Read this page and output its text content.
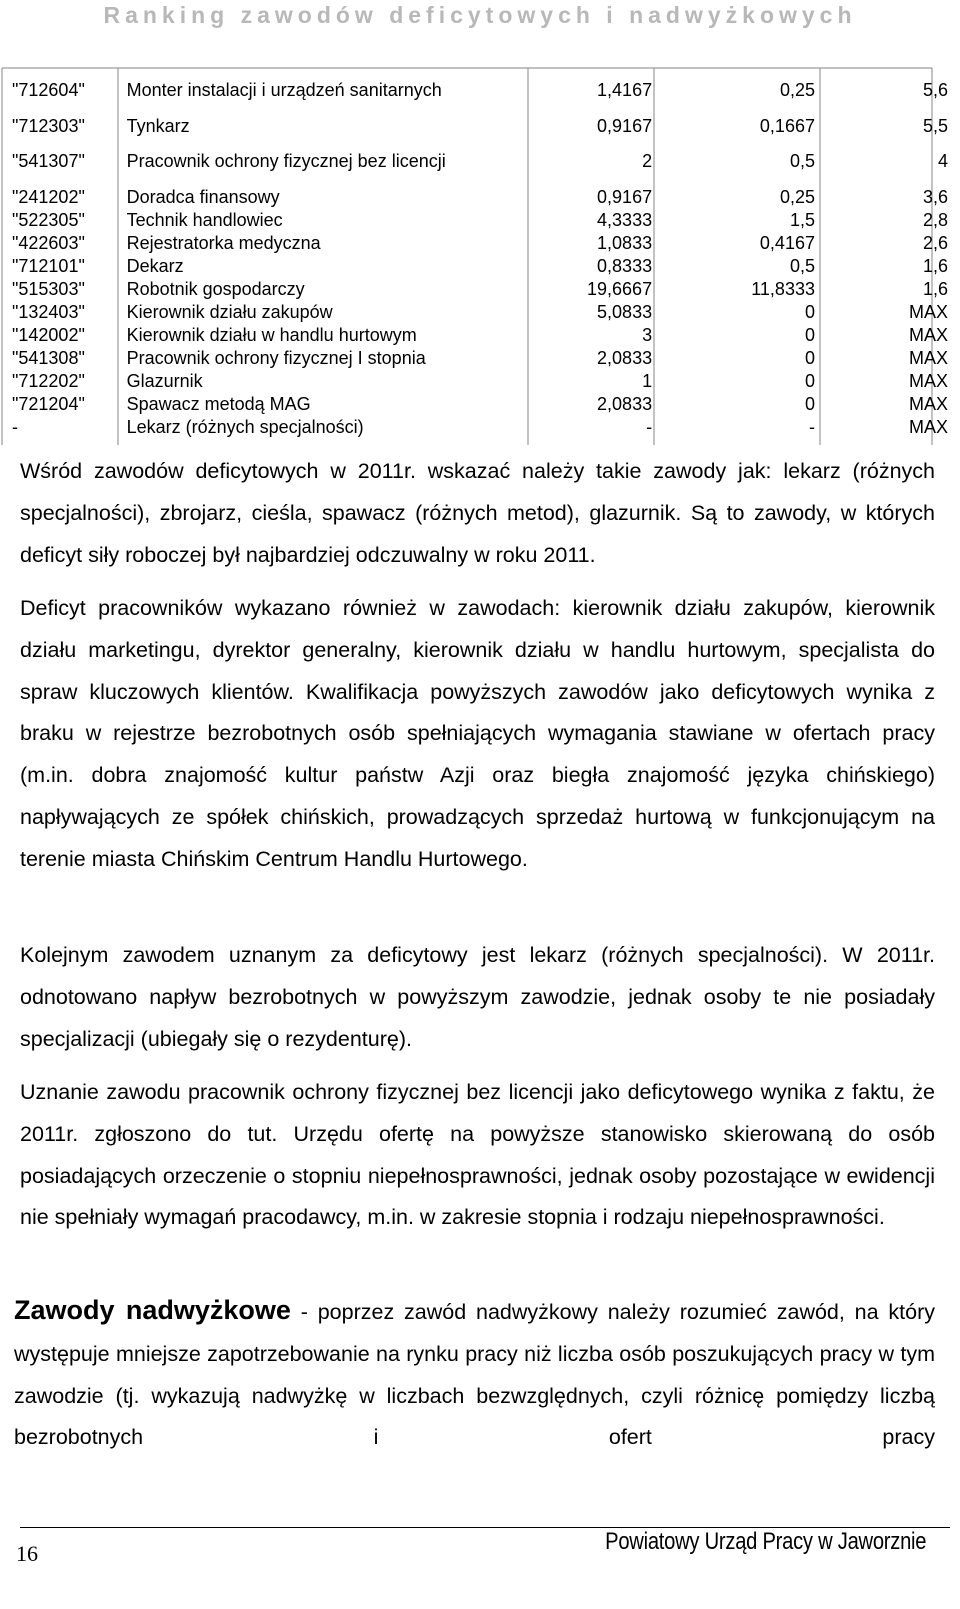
Ranking zawodów deficytowych i nadwyżkowych
"712604"	Monter instalacji i urządzeń sanitarnych	1,4167	0,25	5,6
"712303"	Tynkarz	0,9167	0,1667	5,5
"541307"	Pracownik ochrony fizycznej bez licencji	2	0,5	4
"241202"	Doradca finansowy	0,9167	0,25	3,6
"522305"	Technik handlowiec	4,3333	1,5	2,8
"422603"	Rejestratorka medyczna	1,0833	0,4167	2,6
"712101"	Dekarz	0,8333	0,5	1,6
"515303"	Robotnik gospodarczy	19,6667	11,8333	1,6
"132403"	Kierownik działu zakupów	5,0833	0	MAX
"142002"	Kierownik działu w handlu hurtowym	3	0	MAX
"541308"	Pracownik ochrony fizycznej I stopnia	2,0833	0	MAX
"712202"	Glazurnik	1	0	MAX
"721204"	Spawacz metodą MAG	2,0833	0	MAX
-	Lekarz (różnych specjalności)	-	-	MAX

Wśród zawodów deficytowych w 2011r. wskazać należy takie zawody jak: lekarz (różnych specjalności), zbrojarz, cieśla, spawacz (różnych metod), glazurnik. Są to zawody, w których deficyt siły roboczej był najbardziej odczuwalny w roku 2011.

Deficyt pracowników wykazano również w zawodach: kierownik działu zakupów, kierownik działu marketingu, dyrektor generalny, kierownik działu w handlu hurtowym, specjalista do spraw kluczowych klientów. Kwalifikacja powyższych zawodów jako deficytowych wynika z braku w rejestrze bezrobotnych osób spełniających wymagania stawiane w ofertach pracy (m.in. dobra znajomość kultur państw Azji oraz biegła znajomość języka chińskiego) napływających ze spółek chińskich, prowadzących sprzedaż hurtową w funkcjonującym na terenie miasta Chińskim Centrum Handlu Hurtowego.

Kolejnym zawodem uznanym za deficytowy jest lekarz (różnych specjalności). W 2011r. odnotowano napływ bezrobotnych w powyższym zawodzie, jednak osoby te nie posiadały specjalizacji (ubiegały się o rezydenturę).

Uznanie zawodu pracownik ochrony fizycznej bez licencji jako deficytowego wynika z faktu, że 2011r. zgłoszono do tut. Urzędu ofertę na powyższe stanowisko skierowaną do osób posiadających orzeczenie o stopniu niepełnosprawności, jednak osoby pozostające w ewidencji nie spełniały wymagań pracodawcy, m.in. w zakresie stopnia i rodzaju niepełnosprawności.

Zawody nadwyżkowe - poprzez zawód nadwyżkowy należy rozumieć zawód, na który występuje mniejsze zapotrzebowanie na rynku pracy niż liczba osób poszukujących pracy w tym zawodzie (tj. wykazują nadwyżkę w liczbach bezwzględnych, czyli różnicę pomiędzy liczbą bezrobotnych i ofert pracy

16	Powiatowy Urząd Pracy w Jaworznie
